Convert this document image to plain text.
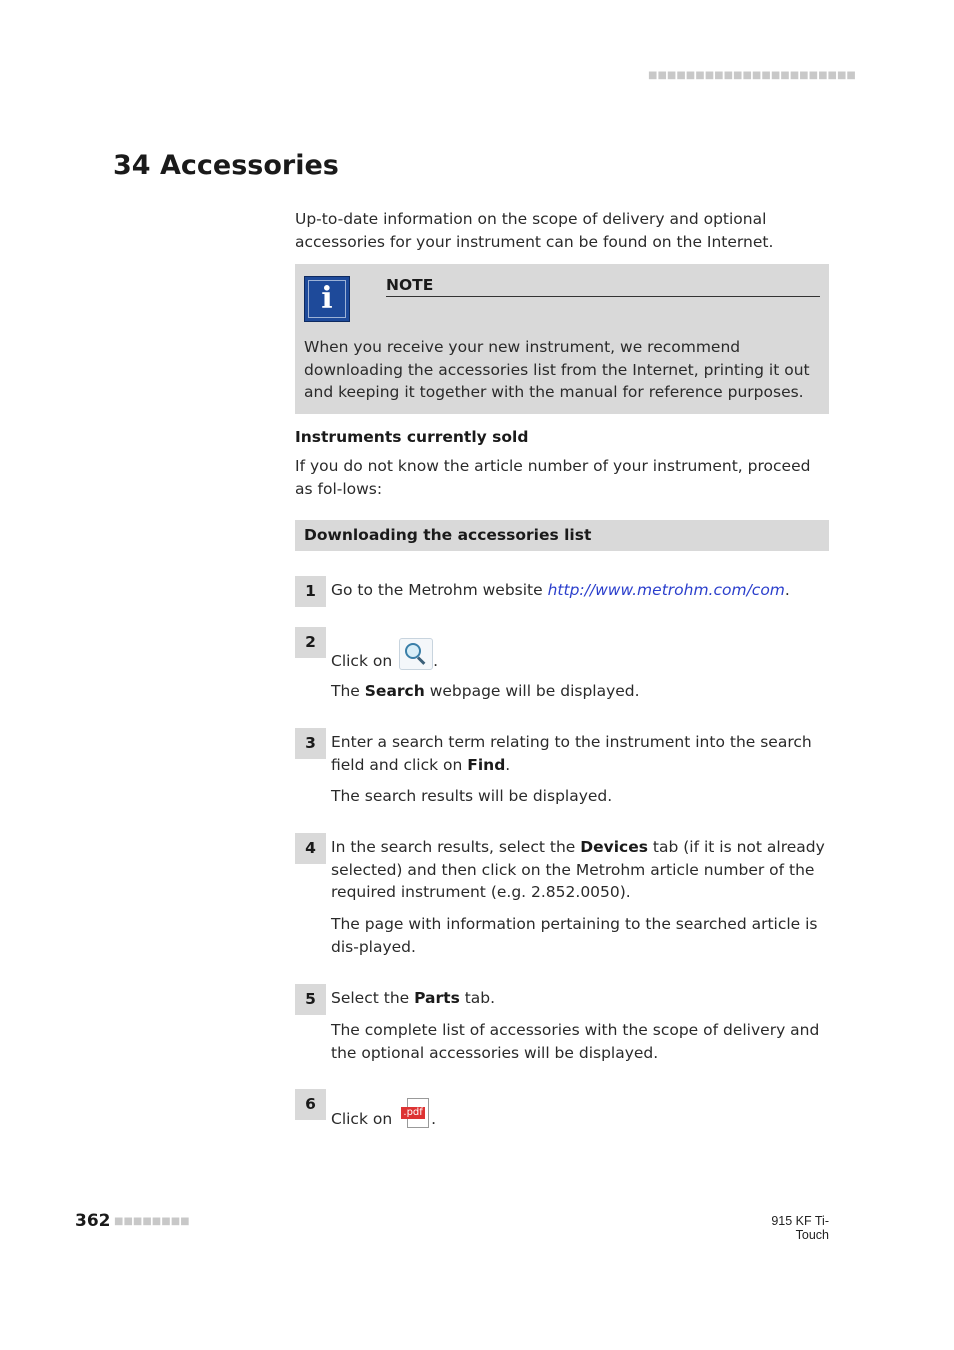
■■■■■■■■■■■■■■■■■■■■■■
34 Accessories

Up-to-date information on the scope of delivery and optional accessories for your instrument can be found on the Internet.

i	NOTE

When you receive your new instrument, we recommend downloading the accessories list from the Internet, printing it out and keeping it together with the manual for reference purposes.

Instruments currently sold

If you do not know the article number of your instrument, proceed as fol-lows:

Downloading the accessories list
1 Go to the Metrohm website http://www.metrohm.com/com.

2

Click on
.

The Search webpage will be displayed.

3 Enter a search term relating to the instrument into the search field and click on Find.

The search results will be displayed.

4 In the search results, select the Devices tab (if it is not already selected) and then click on the Metrohm article number of the required instrument (e.g. 2.852.0050).

The page with information pertaining to the searched article is dis-played.

5 Select the Parts tab.

The complete list of accessories with the scope of delivery and the optional accessories will be displayed.

6

Click on .pdf .

362 ■■■■■■■■	915 KF Ti-Touch
